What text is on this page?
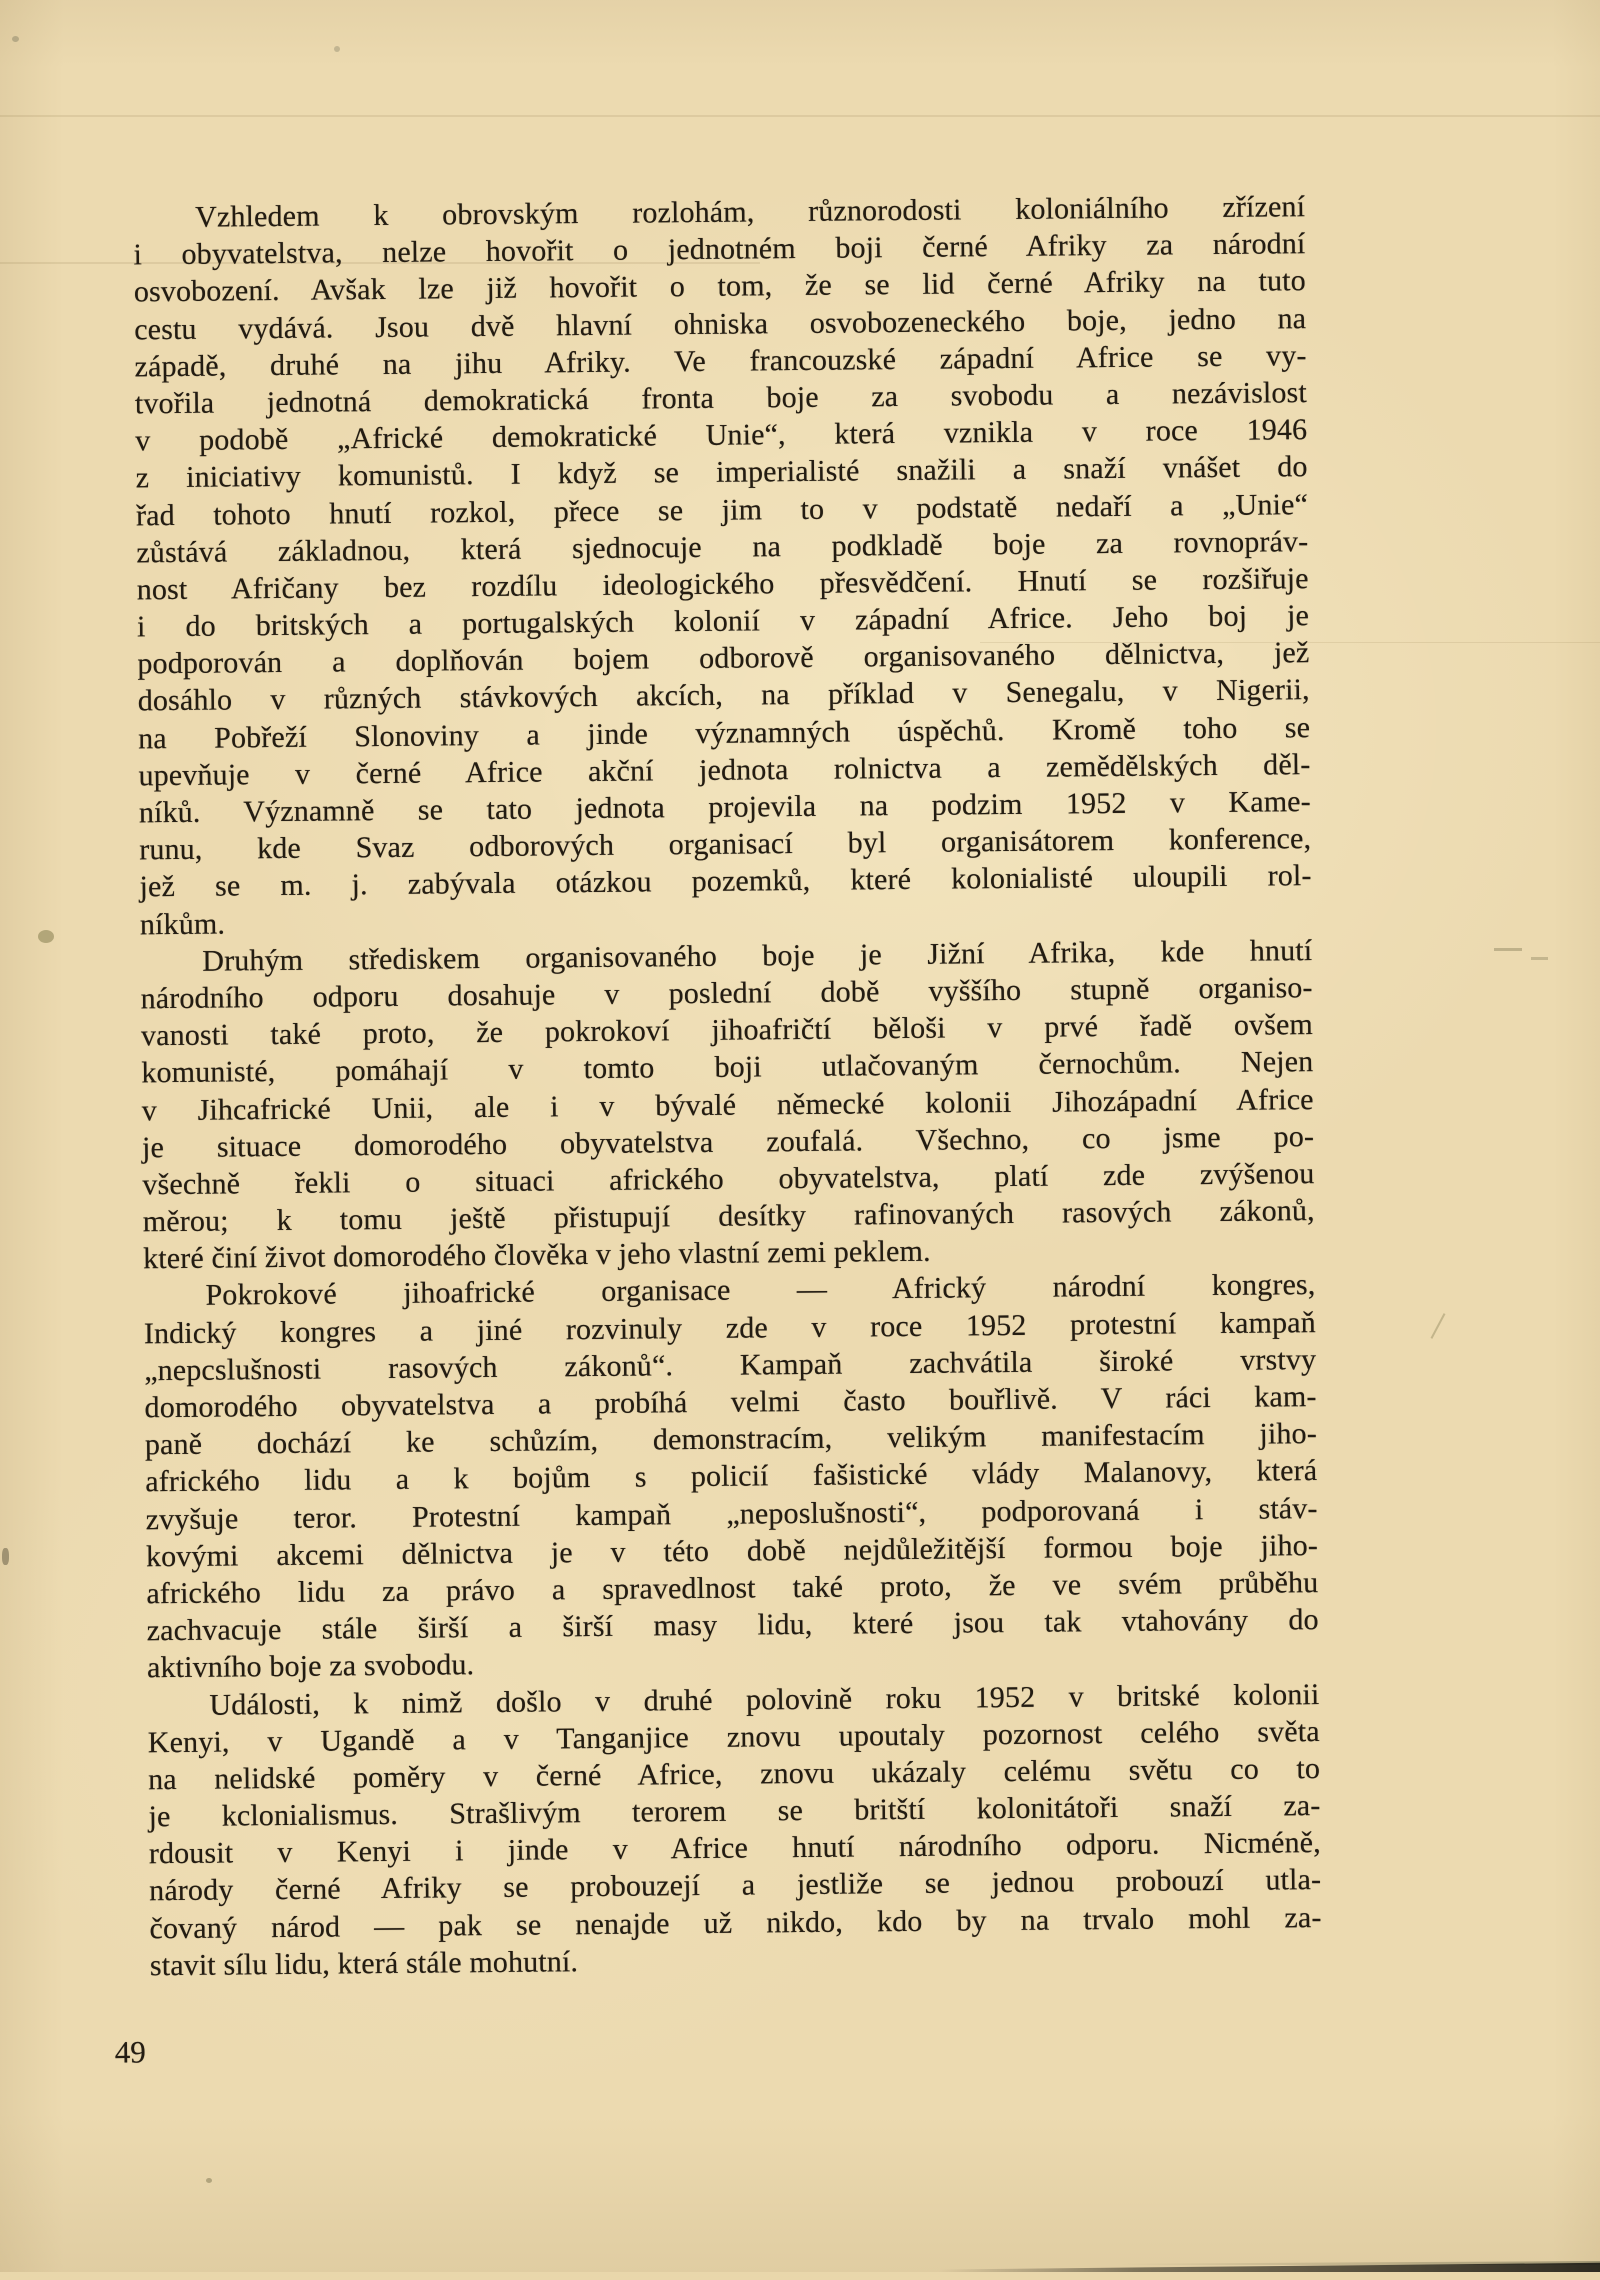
Vzhledem k obrovským rozlohám, různorodosti koloniálního zřízení
i obyvatelstva, nelze hovořit o jednotném boji černé Afriky za národní
osvobození. Avšak lze již hovořit o tom, že se lid černé Afriky na tuto
cestu vydává. Jsou dvě hlavní ohniska osvobozeneckého boje, jedno na
západě, druhé na jihu Afriky. Ve francouzské západní Africe se vy-
tvořila jednotná demokratická fronta boje za svobodu a nezávislost
v podobě „Africké demokratické Unie“, která vznikla v roce 1946
z iniciativy komunistů. I když se imperialisté snažili a snaží vnášet do
řad tohoto hnutí rozkol, přece se jim to v podstatě nedaří a „Unie“
zůstává základnou, která sjednocuje na podkladě boje za rovnopráv-
nost Afričany bez rozdílu ideologického přesvědčení. Hnutí se rozšiřuje
i do britských a portugalských kolonií v západní Africe. Jeho boj je
podporován a doplňován bojem odborově organisovaného dělnictva, jež
dosáhlo v různých stávkových akcích, na příklad v Senegalu, v Nigerii,
na Pobřeží Slonoviny a jinde významných úspěchů. Kromě toho se
upevňuje v černé Africe akční jednota rolnictva a zemědělských děl-
níků. Významně se tato jednota projevila na podzim 1952 v Kame-
runu, kde Svaz odborových organisací byl organisátorem konference,
jež se m. j. zabývala otázkou pozemků, které kolonialisté uloupili rol-
níkům.
Druhým střediskem organisovaného boje je Jižní Afrika, kde hnutí
národního odporu dosahuje v poslední době vyššího stupně organiso-
vanosti také proto, že pokrokoví jihoafričtí běloši v prvé řadě ovšem
komunisté, pomáhají v tomto boji utlačovaným černochům. Nejen
v Jihcafrické Unii, ale i v bývalé německé kolonii Jihozápadní Africe
je situace domorodého obyvatelstva zoufalá. Všechno, co jsme po-
všechně řekli o situaci afrického obyvatelstva, platí zde zvýšenou
měrou; k tomu ještě přistupují desítky rafinovaných rasových zákonů,
které činí život domorodého člověka v jeho vlastní zemi peklem.
Pokrokové jihoafrické organisace — Africký národní kongres,
Indický kongres a jiné rozvinuly zde v roce 1952 protestní kampaň
„nepcslušnosti rasových zákonů“. Kampaň zachvátila široké vrstvy
domorodého obyvatelstva a probíhá velmi často bouřlivě. V ráci kam-
paně dochází ke schůzím, demonstracím, velikým manifestacím jiho-
afrického lidu a k bojům s policií fašistické vlády Malanovy, která
zvyšuje teror. Protestní kampaň „neposlušnosti“, podporovaná i stáv-
kovými akcemi dělnictva je v této době nejdůležitější formou boje jiho-
afrického lidu za právo a spravedlnost také proto, že ve svém průběhu
zachvacuje stále širší a širší masy lidu, které jsou tak vtahovány do
aktivního boje za svobodu.
Události, k nimž došlo v druhé polovině roku 1952 v britské kolonii
Kenyi, v Ugandě a v Tanganjice znovu upoutaly pozornost celého světa
na nelidské poměry v černé Africe, znovu ukázaly celému světu co to
je kclonialismus. Strašlivým terorem se britští kolonitátoři snaží za-
rdousit v Kenyi i jinde v Africe hnutí národního odporu. Nicméně,
národy černé Afriky se probouzejí a jestliže se jednou probouzí utla-
čovaný národ — pak se nenajde už nikdo, kdo by na trvalo mohl za-
stavit sílu lidu, která stále mohutní.
49
